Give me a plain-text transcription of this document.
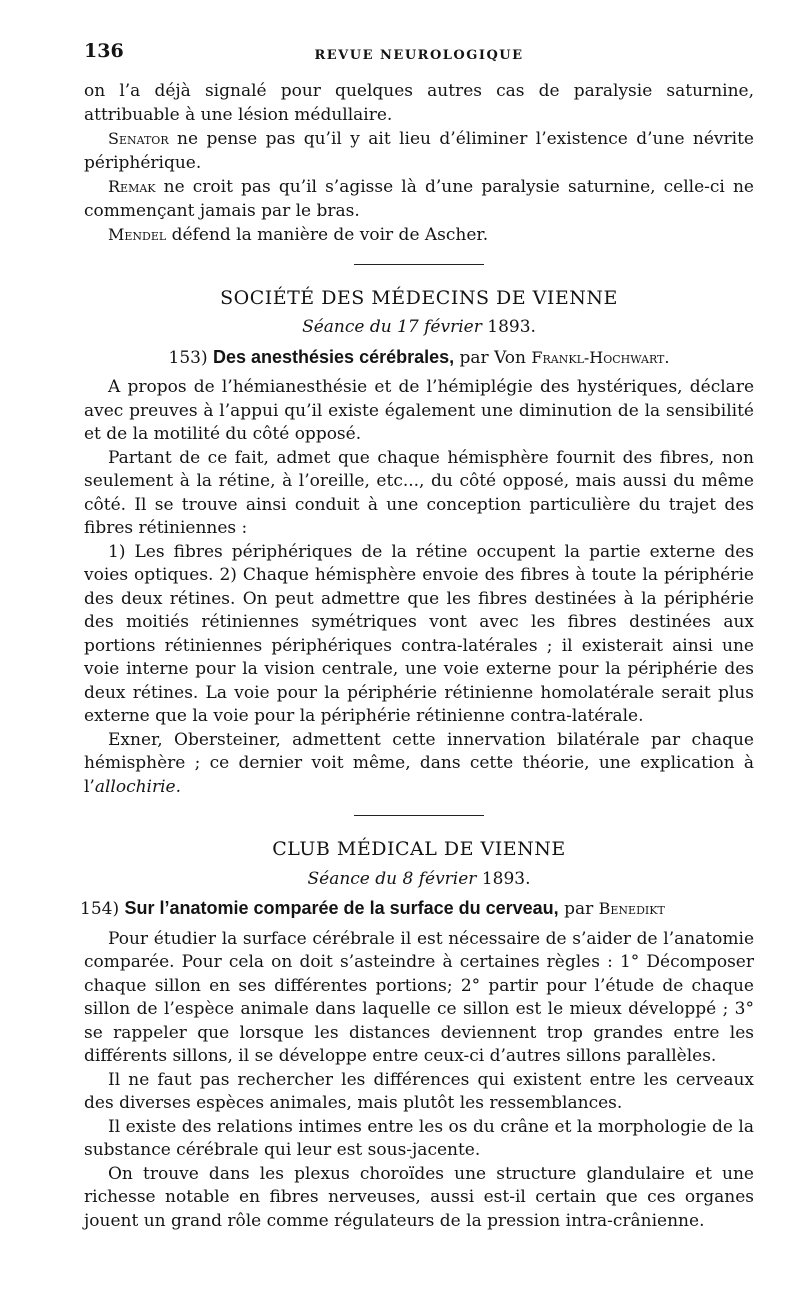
136	REVUE NEUROLOGIQUE

on l’a déjà signalé pour quelques autres cas de paralysie saturnine, attribuable à une lésion médullaire.

Senator ne pense pas qu’il y ait lieu d’éliminer l’existence d’une névrite périphérique.

Remak ne croit pas qu’il s’agisse là d’une paralysie saturnine, celle-ci ne commençant jamais par le bras.

Mendel défend la manière de voir de Ascher.

SOCIÉTÉ DES MÉDECINS DE VIENNE
Séance du 17 février 1893.
153) Des anesthésies cérébrales, par Von Frankl-Hochwart.

A propos de l’hémianesthésie et de l’hémiplégie des hystériques, déclare avec preuves à l’appui qu’il existe également une diminution de la sensibilité et de la motilité du côté opposé.

Partant de ce fait, admet que chaque hémisphère fournit des fibres, non seulement à la rétine, à l’oreille, etc..., du côté opposé, mais aussi du même côté. Il se trouve ainsi conduit à une conception particulière du trajet des fibres rétiniennes :

1) Les fibres périphériques de la rétine occupent la partie externe des voies optiques. 2) Chaque hémisphère envoie des fibres à toute la périphérie des deux rétines. On peut admettre que les fibres destinées à la périphérie des moitiés rétiniennes symétriques vont avec les fibres destinées aux portions rétiniennes périphériques contra-latérales ; il existerait ainsi une voie interne pour la vision centrale, une voie externe pour la périphérie des deux rétines. La voie pour la périphérie rétinienne homolatérale serait plus externe que la voie pour la périphérie rétinienne contra-latérale.

Exner, Obersteiner, admettent cette innervation bilatérale par chaque hémisphère ; ce dernier voit même, dans cette théorie, une explication à l’allochirie.

CLUB MÉDICAL DE VIENNE
Séance du 8 février 1893.
154) Sur l’anatomie comparée de la surface du cerveau, par Benedikt

Pour étudier la surface cérébrale il est nécessaire de s’aider de l’anatomie comparée. Pour cela on doit s’asteindre à certaines règles : 1° Décomposer chaque sillon en ses différentes portions; 2° partir pour l’étude de chaque sillon de l’espèce animale dans laquelle ce sillon est le mieux développé ; 3° se rappeler que lorsque les distances deviennent trop grandes entre les différents sillons, il se développe entre ceux-ci d’autres sillons parallèles.

Il ne faut pas rechercher les différences qui existent entre les cerveaux des diverses espèces animales, mais plutôt les ressemblances.

Il existe des relations intimes entre les os du crâne et la morphologie de la substance cérébrale qui leur est sous-jacente.

On trouve dans les plexus choroïdes une structure glandulaire et une richesse notable en fibres nerveuses, aussi est-il certain que ces organes jouent un grand rôle comme régulateurs de la pression intra-crânienne.
